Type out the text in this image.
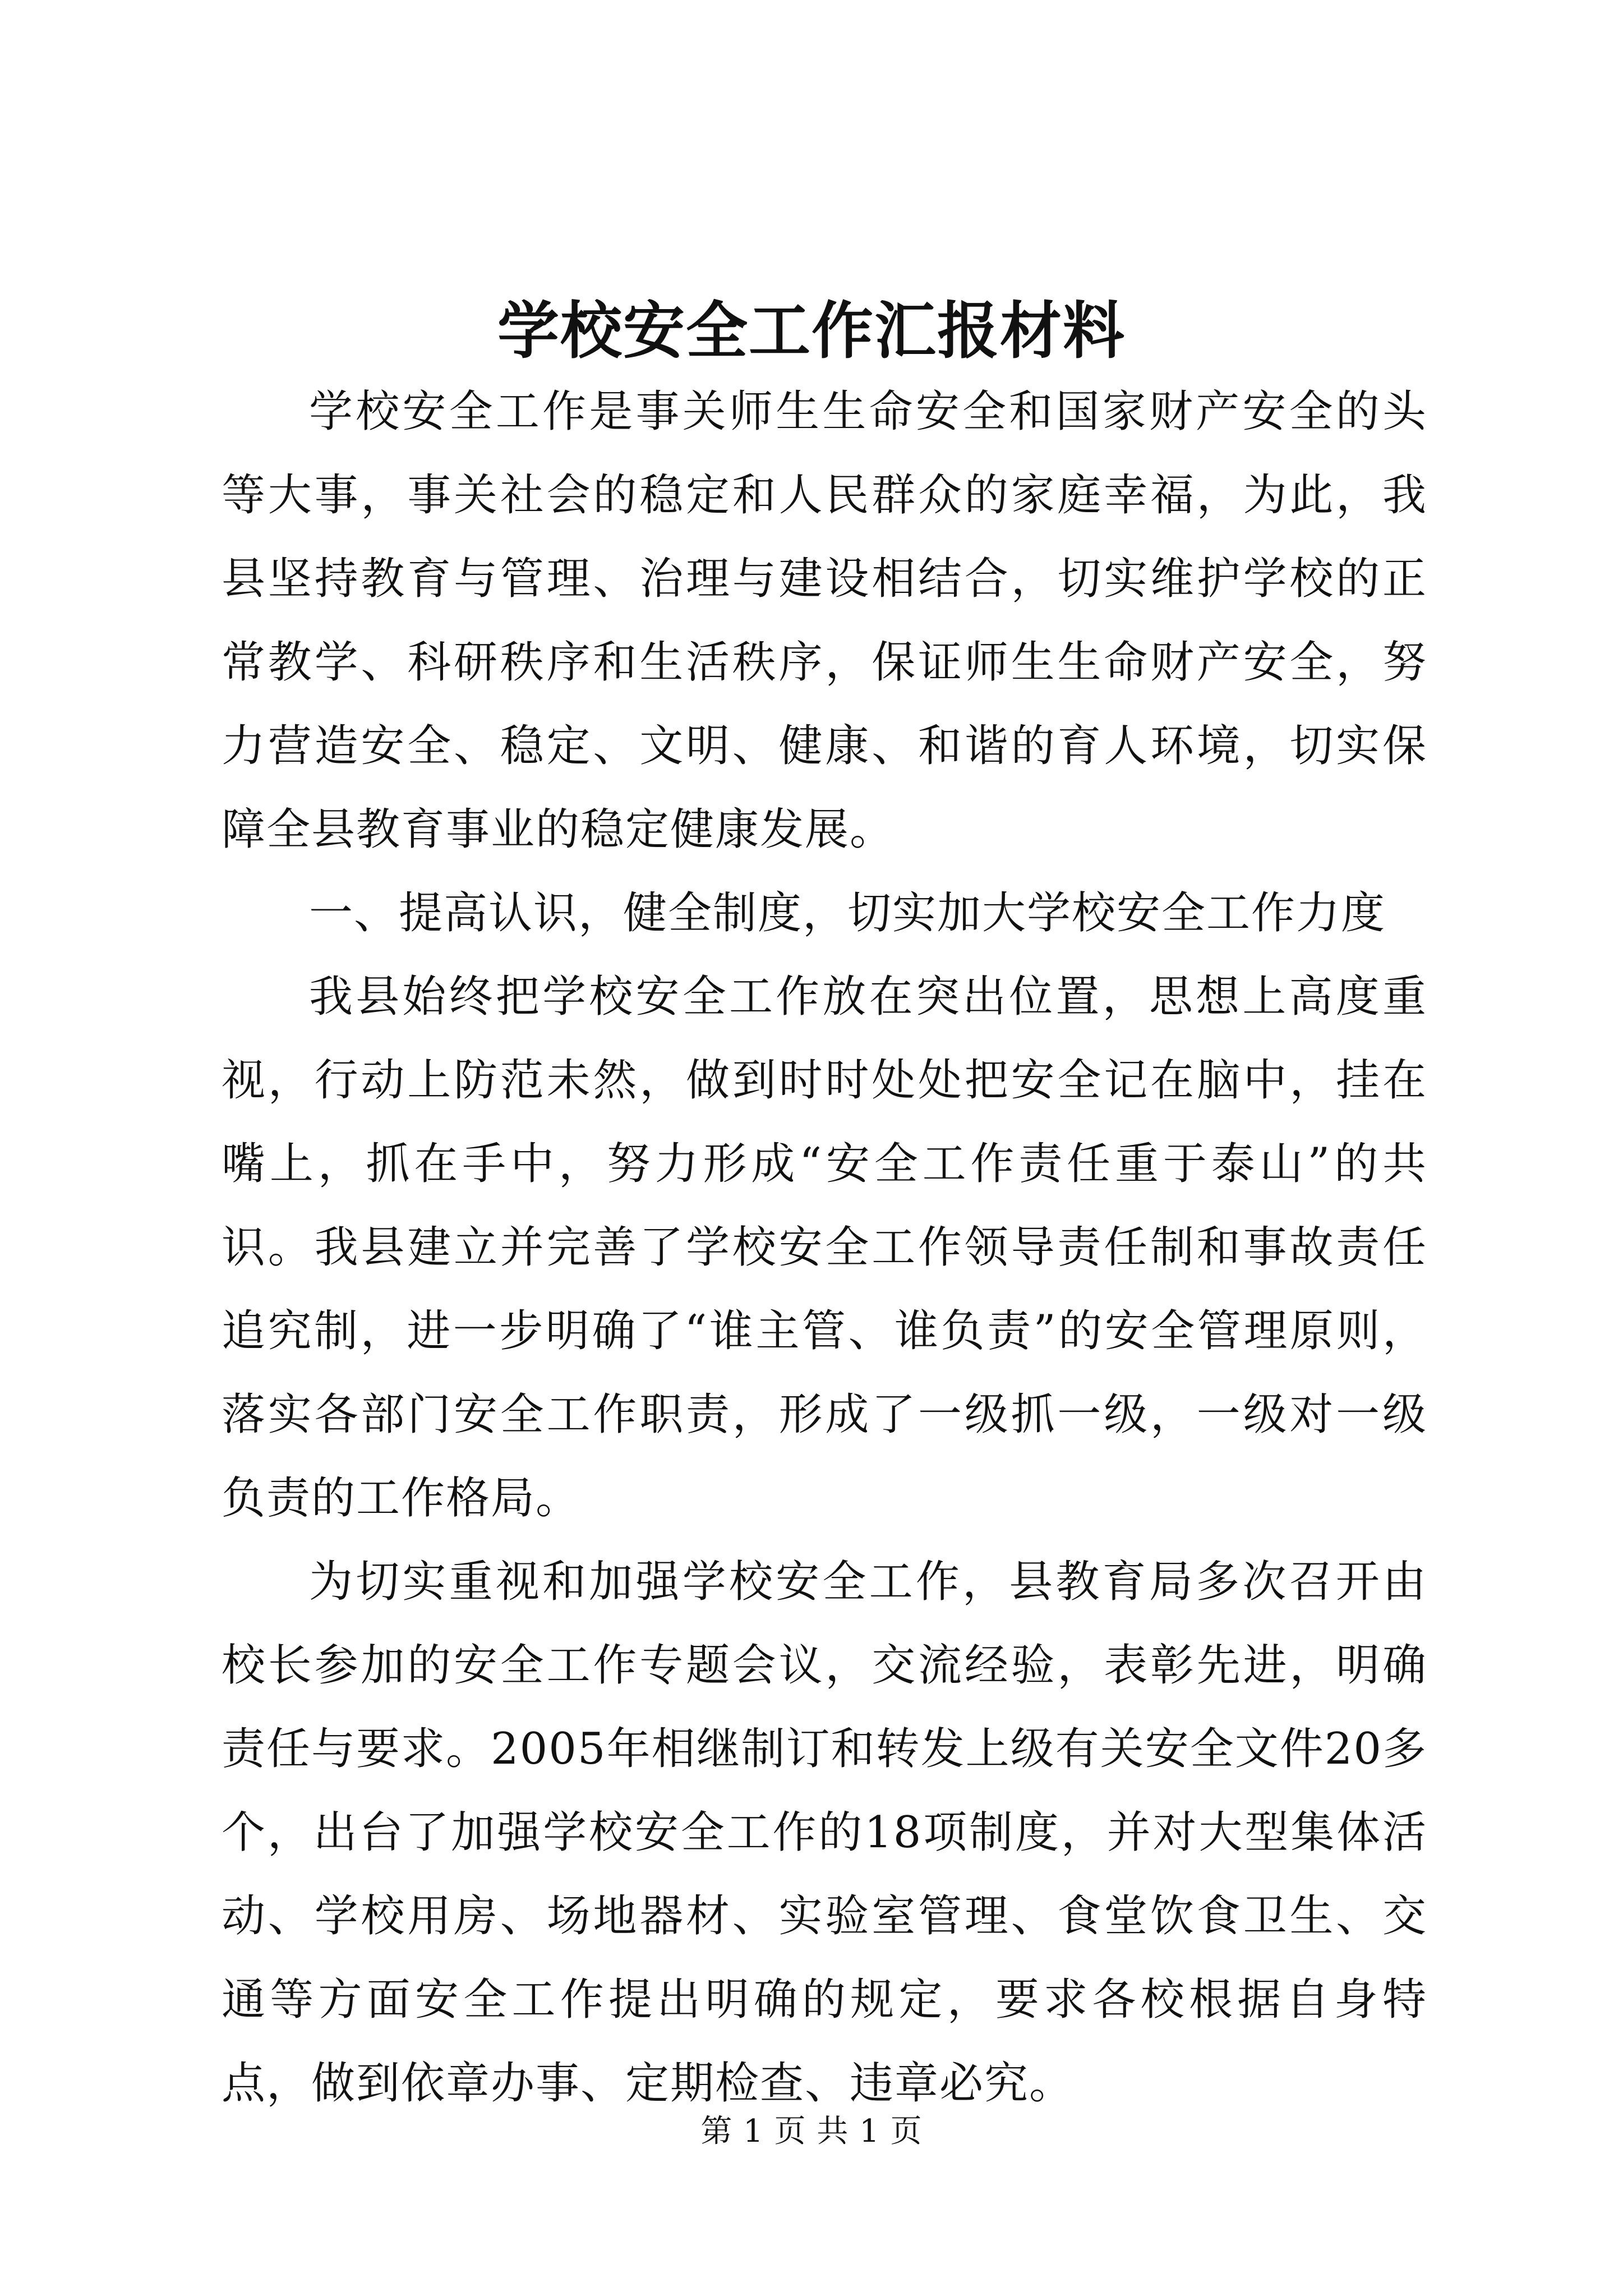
学校安全工作汇报材料

学校安全工作是事关师生生命安全和国家财产安全的头等大事，事关社会的稳定和人民群众的家庭幸福，为此，我县坚持教育与管理、治理与建设相结合，切实维护学校的正常教学、科研秩序和生活秩序，保证师生生命财产安全，努力营造安全、稳定、文明、健康、和谐的育人环境，切实保障全县教育事业的稳定健康发展。

一、提高认识，健全制度，切实加大学校安全工作力度

我县始终把学校安全工作放在突出位置，思想上高度重视，行动上防范未然，做到时时处处把安全记在脑中，挂在嘴上，抓在手中，努力形成“安全工作责任重于泰山”的共识。我县建立并完善了学校安全工作领导责任制和事故责任追究制，进一步明确了“谁主管、谁负责”的安全管理原则，落实各部门安全工作职责，形成了一级抓一级，一级对一级负责的工作格局。

为切实重视和加强学校安全工作，县教育局多次召开由校长参加的安全工作专题会议，交流经验，表彰先进，明确责任与要求。2005年相继制订和转发上级有关安全文件20多个，出台了加强学校安全工作的18项制度，并对大型集体活动、学校用房、场地器材、实验室管理、食堂饮食卫生、交通等方面安全工作提出明确的规定，要求各校根据自身特点，做到依章办事、定期检查、违章必究。

第 1 页 共 1 页
